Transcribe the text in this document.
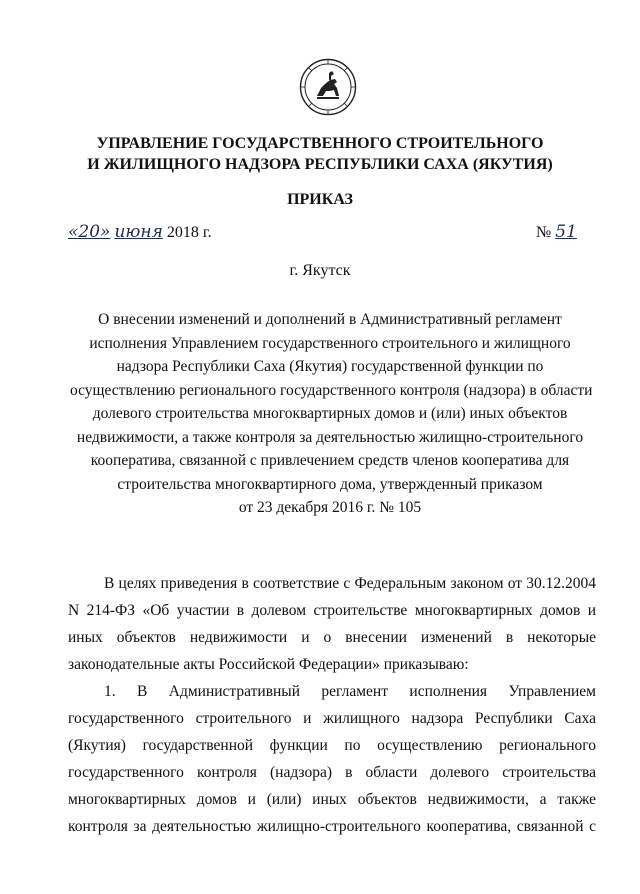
УПРАВЛЕНИЕ ГОСУДАРСТВЕННОГО СТРОИТЕЛЬНОГО
И ЖИЛИЩНОГО НАДЗОРА РЕСПУБЛИКИ САХА (ЯКУТИЯ)
ПРИКАЗ
«20» июня 2018 г.	№ 51
г. Якутск
О внесении изменений и дополнений в Административный регламент
исполнения Управлением государственного строительного и жилищного
надзора Республики Саха (Якутия) государственной функции по
осуществлению регионального государственного контроля (надзора) в области
долевого строительства многоквартирных домов и (или) иных объектов
недвижимости, а также контроля за деятельностью жилищно-строительного
кооператива, связанной с привлечением средств членов кооператива для
строительства многоквартирного дома, утвержденный приказом
от 23 декабря 2016 г. № 105
В целях приведения в соответствие с Федеральным законом от 30.12.2004
N 214-ФЗ «Об участии в долевом строительстве многоквартирных домов и
иных объектов недвижимости и о внесении изменений в некоторые
законодательные акты Российской Федерации» приказываю:
1. В Административный регламент исполнения Управлением
государственного строительного и жилищного надзора Республики Саха
(Якутия) государственной функции по осуществлению регионального
государственного контроля (надзора) в области долевого строительства
многоквартирных домов и (или) иных объектов недвижимости, а также
контроля за деятельностью жилищно-строительного кооператива, связанной с
